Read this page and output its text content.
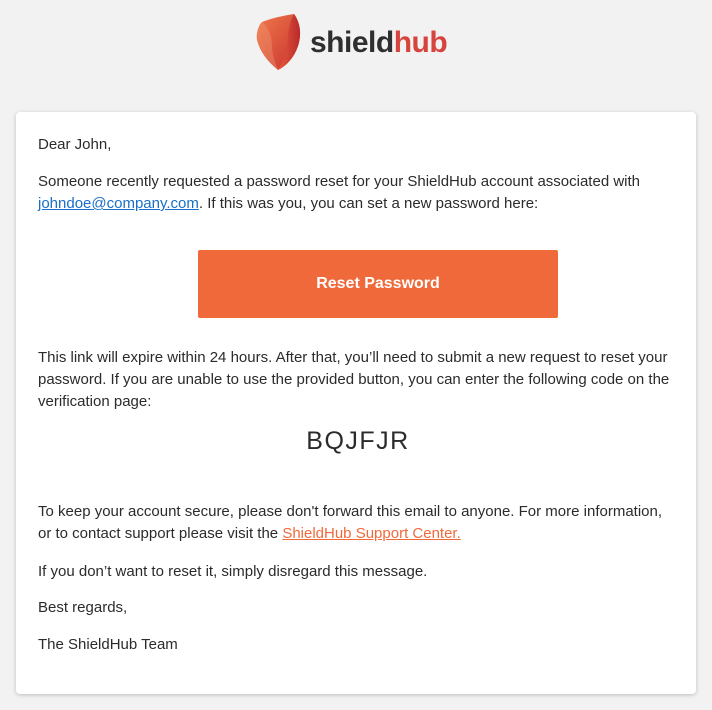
shieldhub
Dear John,
Someone recently requested a password reset for your ShieldHub account associated with johndoe@company.com. If this was you, you can set a new password here:
Reset Password
This link will expire within 24 hours. After that, you’ll need to submit a new request to reset your password. If you are unable to use the provided button, you can enter the following code on the verification page:
BQJFJR
To keep your account secure, please don't forward this email to anyone. For more information, or to contact support please visit the ShieldHub Support Center.
If you don’t want to reset it, simply disregard this message.
Best regards,
The ShieldHub Team
